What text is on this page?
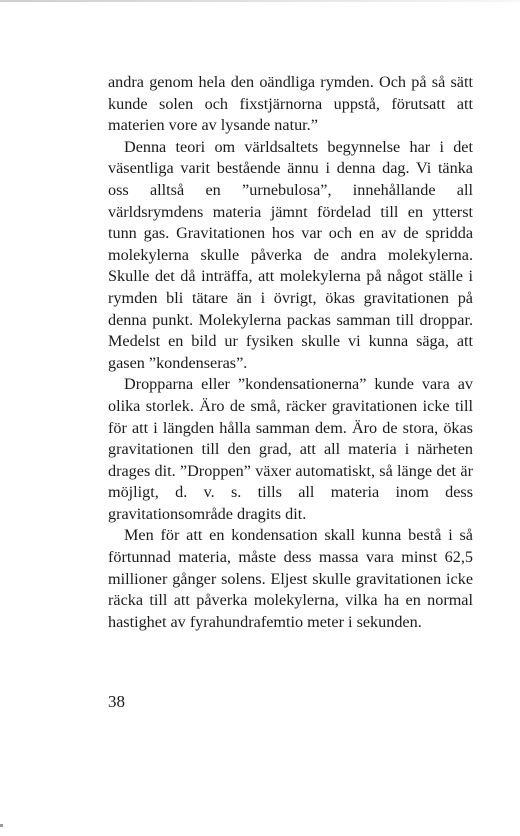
andra genom hela den oändliga rymden. Och på så sätt kunde solen och fixstjärnorna uppstå, förutsatt att materien vore av lysande natur.”

Denna teori om världsaltets begynnelse har i det väsentliga varit bestående ännu i denna dag. Vi tänka oss alltså en ”urnebulosa”, innehållande all världsrymdens materia jämnt fördelad till en ytterst tunn gas. Gravitationen hos var och en av de spridda molekylerna skulle påverka de andra molekylerna. Skulle det då inträffa, att molekylerna på något ställe i rymden bli tätare än i övrigt, ökas gravitationen på denna punkt. Molekylerna packas samman till droppar. Medelst en bild ur fysiken skulle vi kunna säga, att gasen ”kondenseras”.

Dropparna eller ”kondensationerna” kunde vara av olika storlek. Äro de små, räcker gravitationen icke till för att i längden hålla samman dem. Äro de stora, ökas gravitationen till den grad, att all materia i närheten drages dit. ”Droppen” växer automatiskt, så länge det är möjligt, d. v. s. tills all materia inom dess gravitationsområde dragits dit.

Men för att en kondensation skall kunna bestå i så förtunnad materia, måste dess massa vara minst 62,5 millioner gånger solens. Eljest skulle gravitationen icke räcka till att påverka molekylerna, vilka ha en normal hastighet av fyrahundrafemtio meter i sekunden.

38
